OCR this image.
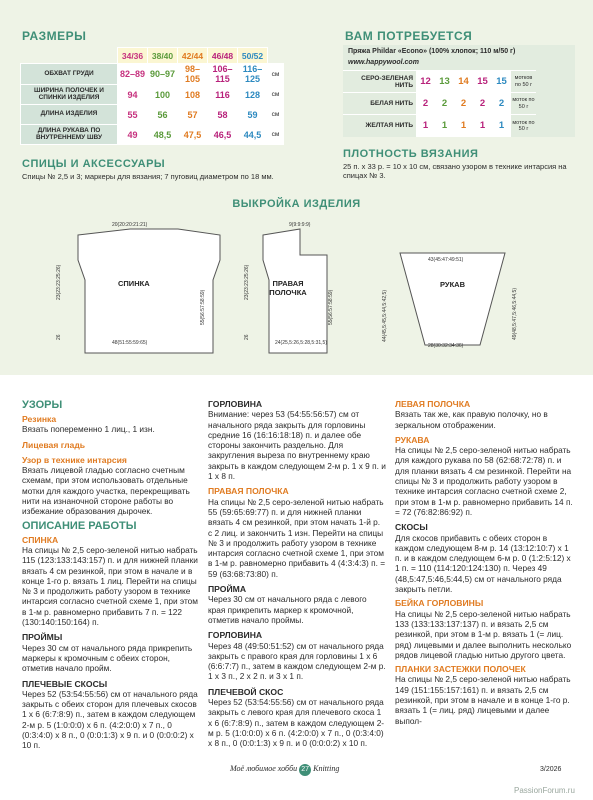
РАЗМЕРЫ
	34/36	38/40	42/44	46/48	50/52	
ОБХВАТ ГРУДИ	82–89	90–97	98–105	106–115	116–125	см
ШИРИНА ПОЛОЧЕК И СПИНКИ ИЗДЕЛИЯ	94	100	108	116	128	см
ДЛИНА ИЗДЕЛИЯ	55	56	57	58	59	см
ДЛИНА РУКАВА ПО ВНУТРЕННЕМУ ШВУ	49	48,5	47,5	46,5	44,5	см
ВАМ ПОТРЕБУЕТСЯ
Пряжа Phildar «Econo» (100% хлопок; 110 м/50 г)
www.happywool.com
СЕРО-ЗЕЛЕНАЯ НИТЬ	12	13	14	15	15	мотков по 50 г
БЕЛАЯ НИТЬ	2	2	2	2	2	моток по 50 г
ЖЕЛТАЯ НИТЬ	1	1	1	1	1	моток по 50 г
СПИЦЫ И АКСЕССУАРЫ
Спицы № 2,5 и 3; маркеры для вязания; 7 пуговиц диаметром по 18 мм.
ПЛОТНОСТЬ ВЯЗАНИЯ
25 п. х 33 р. = 10 х 10 см, связано узором в технике интарсия на спицах № 3.
ВЫКРОЙКА ИЗДЕЛИЯ
СПИНКА
20(20:20:21:21)
48(51:55:59:65)
55(56:57:58:59)
23(23:23:25:26)
26
ПРАВАЯ ПОЛОЧКА
9(9:9:9:9)
24(25,5:26,5:28,5:31,5)
55(56:57:58:59)
23(23:23:25:26)
26
РУКАВ
43(45:47:49:51)
28(30:32:34:36)
49(48,5:47,5:46,5:44,5)
44(45,5:45,5:44,5:42,5)
УЗОРЫ
Резинка

Вязать попеременно 1 лиц., 1 изн.

Лицевая гладь
Узор в технике интарсия

Вязать лицевой гладью согласно счетным схемам, при этом использовать отдельные мотки для каждого участка, перекрещивать нити на изнаночной стороне работы во избежание образования дырочек.

ОПИСАНИЕ РАБОТЫ
СПИНКА

На спицы № 2,5 серо-зеленой нитью набрать 115 (123:133:143:157) п. и для нижней планки вязать 4 см резинкой, при этом в начале и в конце 1-го р. вязать 1 лиц. Перейти на спицы № 3 и продолжить работу узором в технике интарсия согласно счетной схеме 1, при этом в 1-м р. равномерно прибавить 7 п. = 122 (130:140:150:164) п.

ПРОЙМЫ

Через 30 см от начального ряда прикрепить маркеры к кромочным с обеих сторон, отметив начало пройм.

ПЛЕЧЕВЫЕ СКОСЫ

Через 52 (53:54:55:56) см от начального ряда закрыть с обеих сторон для плечевых скосов 1 х 6 (6:7:8:9) п., затем в каждом следующем 2-м р. 5 (1:0:0:0) х 6 п. (4:2:0:0) х 7 п., 0 (0:3:4:0) х 8 п., 0 (0:0:1:3) х 9 п. и 0 (0:0:0:2) х 10 п.

ГОРЛОВИНА

Внимание: через 53 (54:55:56:57) см от начального ряда закрыть для горловины средние 16 (16:16:18:18) п. и далее обе стороны закончить раздельно. Для закругления выреза по внутреннему краю закрыть в каждом следующем 2-м р. 1 х 9 п. и 1 х 8 п.

ПРАВАЯ ПОЛОЧКА

На спицы № 2,5 серо-зеленой нитью набрать 55 (59:65:69:77) п. и для нижней планки вязать 4 см резинкой, при этом начать 1-й р. с 2 лиц. и закончить 1 изн. Перейти на спицы № 3 и продолжить работу узором в технике интарсия согласно счетной схеме 1, при этом в 1-м р. равномерно прибавить 4 (4:3:4:3) п. = 59 (63:68:73:80) п.

ПРОЙМА

Через 30 см от начального ряда с левого края прикрепить маркер к кромочной, отметив начало проймы.

ГОРЛОВИНА

Через 48 (49:50:51:52) см от начального ряда закрыть с правого края для горловины 1 х 6 (6:6:7:7) п., затем в каждом следующем 2-м р. 1 х 3 п., 2 х 2 п. и 3 х 1 п.

ПЛЕЧЕВОЙ СКОС

Через 52 (53:54:55:56) см от начального ряда закрыть с левого края для плечевого скоса 1 х 6 (6:7:8:9) п., затем в каждом следующем 2-м р. 5 (1:0:0:0) х 6 п. (4:2:0:0) х 7 п., 0 (0:3:4:0) х 8 п., 0 (0:0:1:3) х 9 п. и 0 (0:0:0:2) х 10 п.

ЛЕВАЯ ПОЛОЧКА

Вязать так же, как правую полочку, но в зеркальном отображении.

РУКАВА

На спицы № 2,5 серо-зеленой нитью набрать для каждого рукава по 58 (62:68:72:78) п. и для планки вязать 4 см резинкой. Перейти на спицы № 3 и продолжить работу узором в технике интарсия согласно счетной схеме 2, при этом в 1-м р. равномерно прибавить 14 п. = 72 (76:82:86:92) п.

СКОСЫ

Для скосов прибавить с обеих сторон в каждом следующем 8-м р. 14 (13:12:10:7) х 1 п. и в каждом следующем 6-м р. 0 (1:2:5:12) х 1 п. = 110 (114:120:124:130) п. Через 49 (48,5:47,5:46,5:44,5) см от начального ряда закрыть петли.

БЕЙКА ГОРЛОВИНЫ

На спицы № 2,5 серо-зеленой нитью набрать 133 (133:133:137:137) п. и вязать 2,5 см резинкой, при этом в 1-м р. вязать 1 (= лиц. ряд) лицевыми и далее выполнить несколько рядов лицевой гладью нитью другого цвета.

ПЛАНКИ ЗАСТЕЖКИ ПОЛОЧЕК

На спицы № 2,5 серо-зеленой нитью набрать 149 (151:155:157:161) п. и вязать 2,5 см резинкой, при этом в начале и в конце 1-го р. вязать 1 (= лиц. ряд) лицевыми и далее выпол-

Моё любимое хобби 27 Knitting	3/2026
PassionForum.ru
